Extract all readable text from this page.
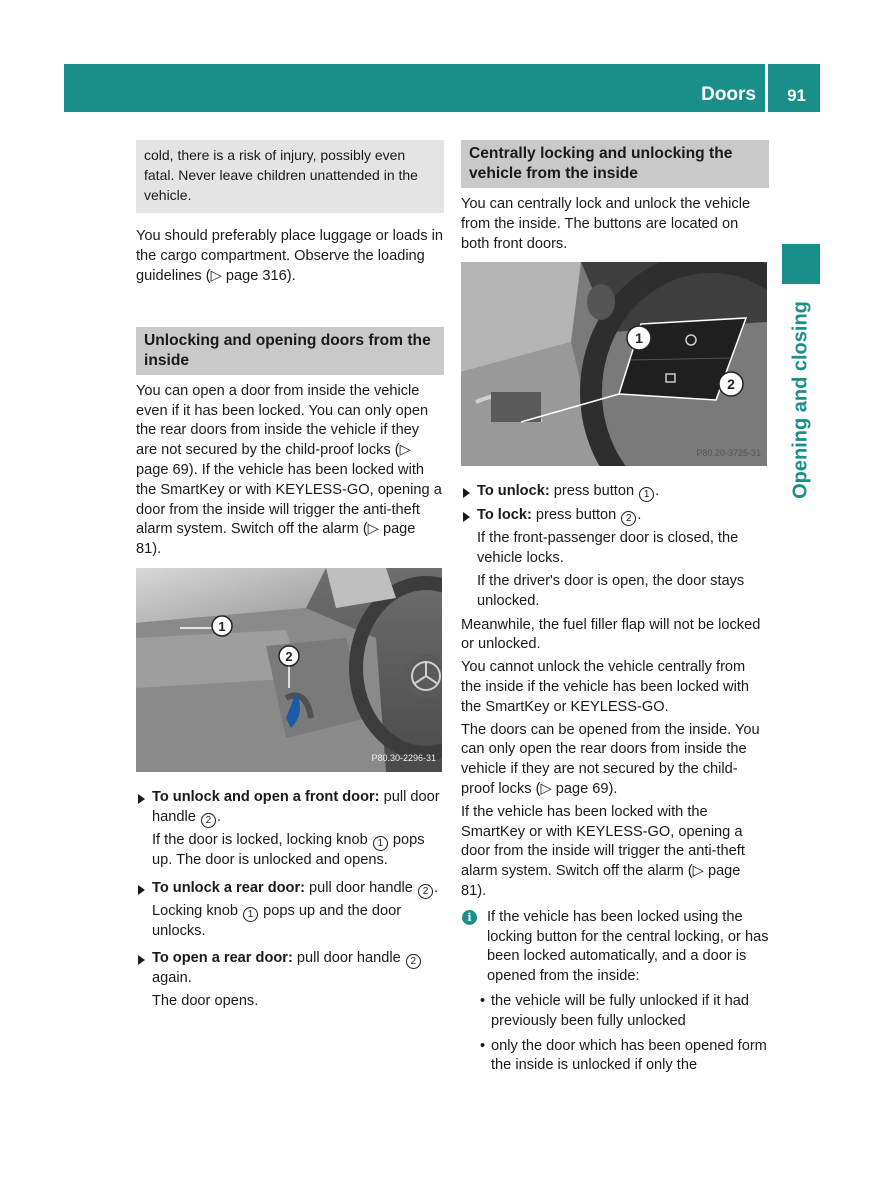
Doors 91
Opening and closing
cold, there is a risk of injury, possibly even fatal. Never leave children unattended in the vehicle.

You should preferably place luggage or loads in the cargo compartment. Observe the loading guidelines (▷ page 316).

Unlocking and opening doors from the inside

You can open a door from inside the vehicle even if it has been locked. You can only open the rear doors from inside the vehicle if they are not secured by the child-proof locks (▷ page 69). If the vehicle has been locked with the SmartKey or with KEYLESS-GO, opening a door from the inside will trigger the anti-theft alarm system. Switch off the alarm (▷ page 81).

1
2
P80.30-2296-31
To unlock and open a front door: pull door handle 2 .
If the door is locked, locking knob 1 pops up. The door is unlocked and opens.
To unlock a rear door: pull door handle 2 .
Locking knob 1 pops up and the door unlocks.
To open a rear door: pull door handle 2 again.
The door opens.
Centrally locking and unlocking the vehicle from the inside

You can centrally lock and unlock the vehicle from the inside. The buttons are located on both front doors.

1
2
P80.20-3725-31
To unlock: press button 1 .
To lock: press button 2 .
If the front-passenger door is closed, the vehicle locks.
If the driver's door is open, the door stays unlocked.

Meanwhile, the fuel filler flap will not be locked or unlocked.

You cannot unlock the vehicle centrally from the inside if the vehicle has been locked with the SmartKey or KEYLESS-GO.

The doors can be opened from the inside. You can only open the rear doors from inside the vehicle if they are not secured by the child-proof locks (▷ page 69).

If the vehicle has been locked with the SmartKey or with KEYLESS-GO, opening a door from the inside will trigger the anti-theft alarm system. Switch off the alarm (▷ page 81).

i	If the vehicle has been locked using the locking button for the central locking, or has been locked automatically, and a door is opened from the inside:
• the vehicle will be fully unlocked if it had previously been fully unlocked
• only the door which has been opened form the inside is unlocked if only the
